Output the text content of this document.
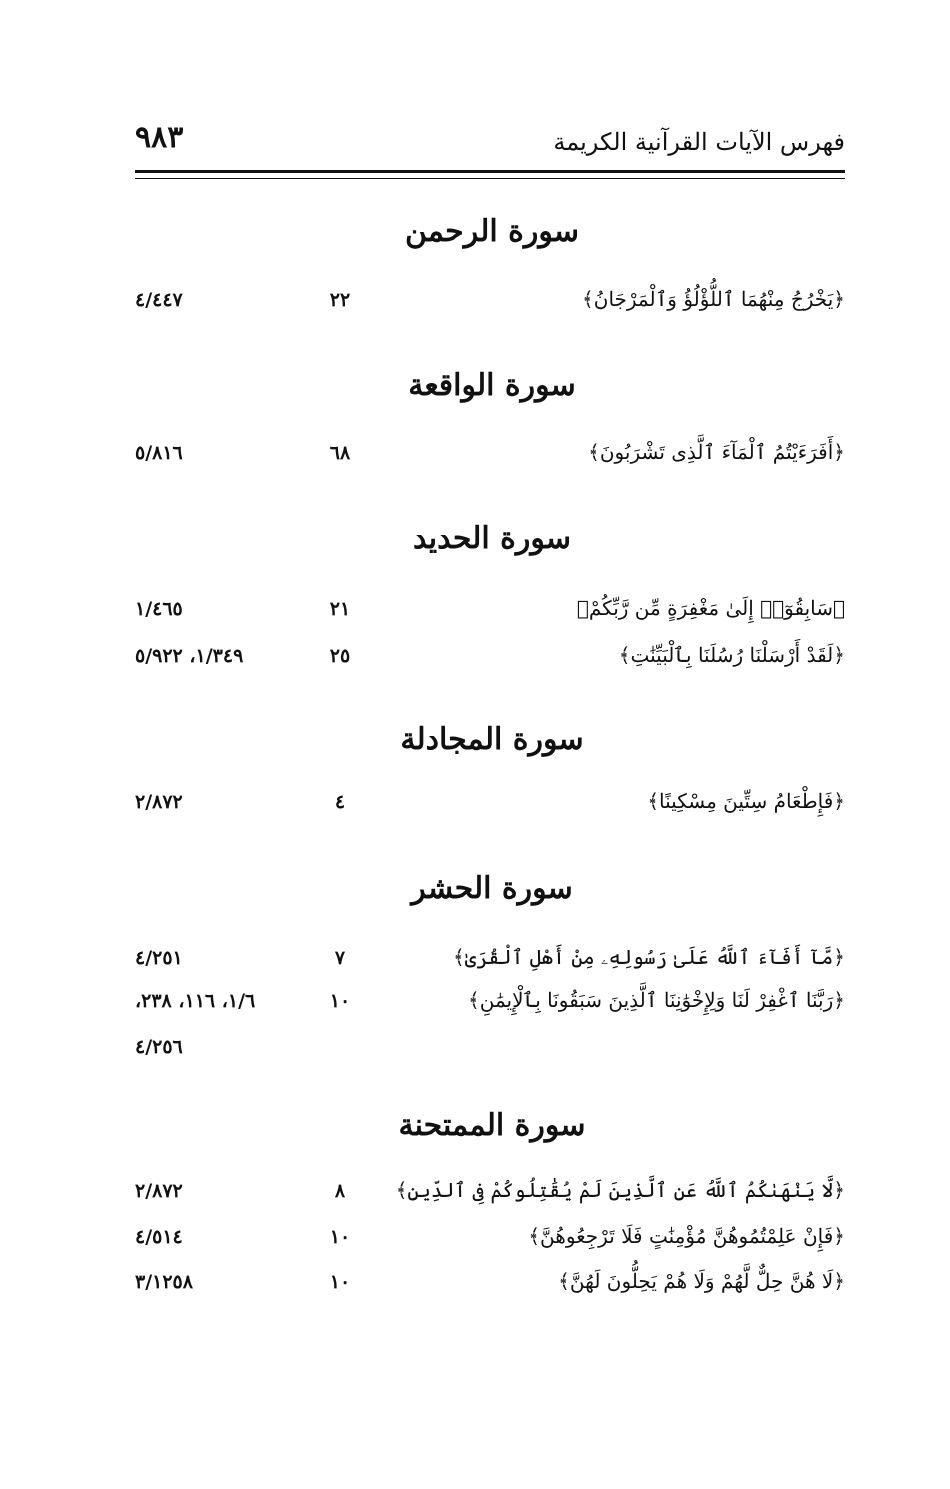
فهرس الآيات القرآنية الكريمة
٩٨٣
سورة الرحمن
﴿يَخْرُجُ مِنْهُمَا ٱللُّؤْلُؤُ وَٱلْمَرْجَانُ﴾
٢٢
٤/٤٤٧
سورة الواقعة
﴿أَفَرَءَيْتُمُ ٱلْمَآءَ ٱلَّذِى تَشْرَبُونَ﴾
٦٨
٥/٨١٦
سورة الحديد
﴿سَابِقُوٓا۟ إِلَىٰ مَغْفِرَةٍ مِّن رَّبِّكُمْ﴾
٢١
١/٤٦٥
﴿لَقَدْ أَرْسَلْنَا رُسُلَنَا بِٱلْبَيِّنَٰتِ﴾
٢٥
١/٣٤٩، ٥/٩٢٢
سورة المجادلة
﴿فَإِطْعَامُ سِتِّينَ مِسْكِينًا﴾
٤
٢/٨٧٢
سورة الحشر
﴿مَّآ أَفَآءَ ٱللَّهُ عَلَىٰ رَسُولِهِۦ مِنْ أَهْلِ ٱلْقُرَىٰ﴾
٧
٤/٢٥١
﴿رَبَّنَا ٱغْفِرْ لَنَا وَلِإِخْوَٰنِنَا ٱلَّذِينَ سَبَقُونَا بِٱلْإِيمَٰنِ﴾
١٠
١/٦، ١١٦، ٢٣٨،
٤/٢٥٦
سورة الممتحنة
﴿لَّا يَنْهَىٰكُمُ ٱللَّهُ عَنِ ٱلَّذِينَ لَمْ يُقَٰتِلُوكُمْ فِى ٱلدِّينِ﴾
٨
٢/٨٧٢
﴿فَإِنْ عَلِمْتُمُوهُنَّ مُؤْمِنَٰتٍ فَلَا تَرْجِعُوهُنَّ﴾
١٠
٤/٥١٤
﴿لَا هُنَّ حِلٌّ لَّهُمْ وَلَا هُمْ يَحِلُّونَ لَهُنَّ﴾
١٠
٣/١٢٥٨
